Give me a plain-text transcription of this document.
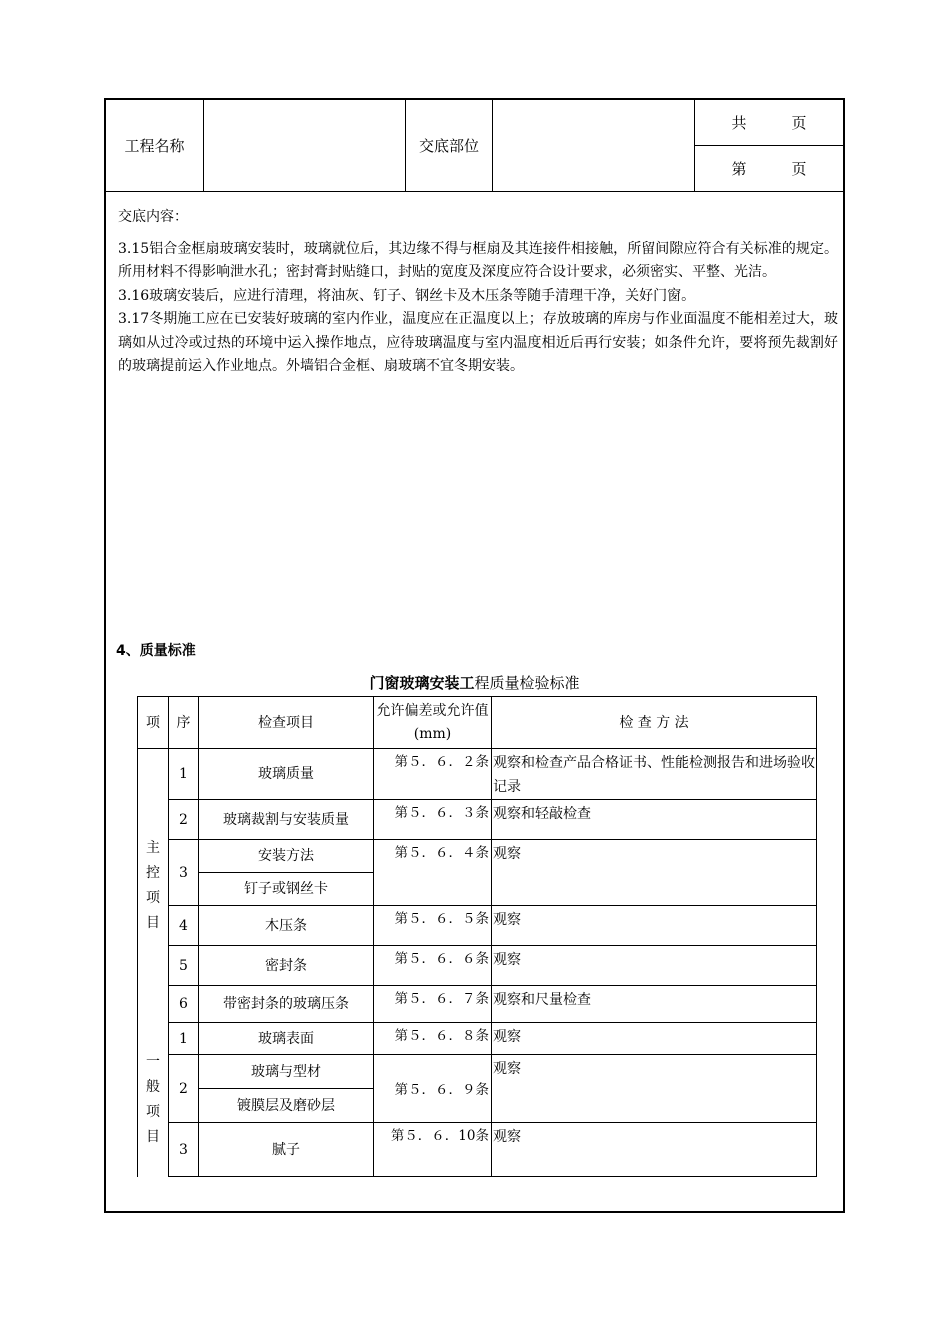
工程名称		交底部位		共　　　页
第　　　页

交底内容：

3.15铝合金框扇玻璃安装时，玻璃就位后，其边缘不得与框扇及其连接件相接触，所留间隙应符合有关标准的规定。所用材料不得影响泄水孔；密封膏封贴缝口，封贴的宽度及深度应符合设计要求，必须密实、平整、光洁。

3.16玻璃安装后，应进行清理，将油灰、钉子、钢丝卡及木压条等随手清理干净，关好门窗。

3.17冬期施工应在已安装好玻璃的室内作业，温度应在正温度以上；存放玻璃的库房与作业面温度不能相差过大，玻璃如从过冷或过热的环境中运入操作地点，应待玻璃温度与室内温度相近后再行安装；如条件允许，要将预先裁割好的玻璃提前运入作业地点。外墙铝合金框、扇玻璃不宜冬期安装。

4、质量标准
门窗玻璃安装工程质量检验标准
项	序	检查项目	允许偏差或允许值(mm)	检 查 方 法
主控项目	1	玻璃质量	第５．６．２条	观察和检查产品合格证书、性能检测报告和进场验收记录
	2	玻璃裁割与安装质量	第５．６．３条	观察和轻敲检查
	3	安装方法	第５．６．４条	观察
		钉子或钢丝卡		
	4	木压条	第５．６．５条	观察
	5	密封条	第５．６．６条	观察
	6	带密封条的玻璃压条	第５．６．７条	观察和尺量检查
一般项目	1	玻璃表面	第５．６．８条	观察
	2	玻璃与型材	第５．６．９条	观察
		镀膜层及磨砂层		
	3	腻子	第５．６．10条	观察
